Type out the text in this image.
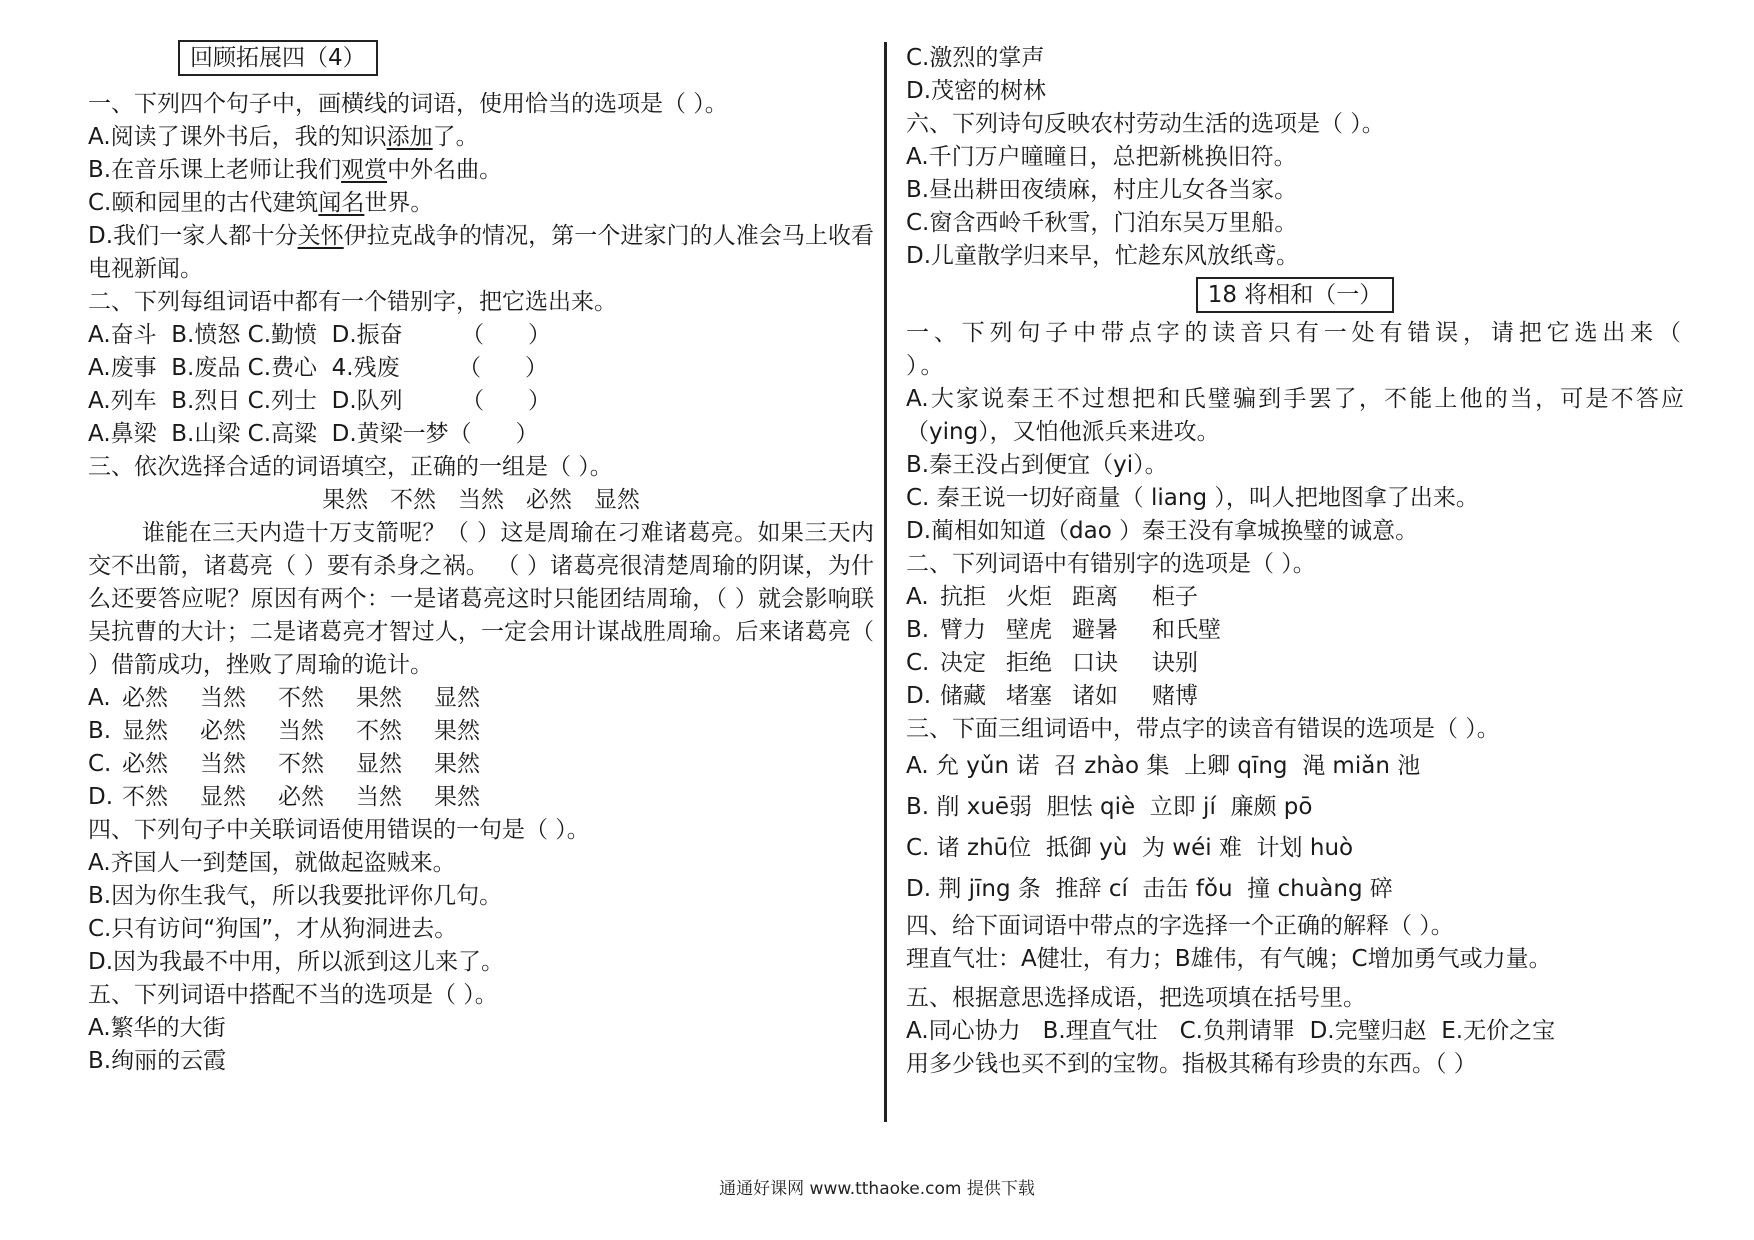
回顾拓展四（4）
一、下列四个句子中，画横线的词语，使用恰当的选项是（ ）。
A.阅读了课外书后，我的知识添加了。
B.在音乐课上老师让我们观赏中外名曲。
C.颐和园里的古代建筑闻名世界。
D.我们一家人都十分关怀伊拉克战争的情况，第一个进家门的人准会马上收看电视新闻。
二、下列每组词语中都有一个错别字，把它选出来。
A.奋斗  B.愤怒 C.勤愤  D.振奋        （      ）
A.废事  B.废品 C.费心  4.残废        （      ）
A.列车  B.烈日 C.列士  D.队列        （      ）
A.鼻梁  B.山梁 C.高粱  D.黄梁一梦（      ）
三、依次选择合适的词语填空，正确的一组是（ ）。
果然   不然   当然   必然   显然
谁能在三天内造十万支箭呢？（ ）这是周瑜在刁难诸葛亮。如果三天内交不出箭，诸葛亮（ ）要有杀身之祸。 （ ）诸葛亮很清楚周瑜的阴谋，为什么还要答应呢？原因有两个：一是诸葛亮这时只能团结周瑜，（ ）就会影响联吴抗曹的大计；二是诸葛亮才智过人，一定会用计谋战胜周瑜。后来诸葛亮（ ）借箭成功，挫败了周瑜的诡计。
A. 必然 当然 不然 果然 显然
B. 显然 必然 当然 不然 果然
C. 必然 当然 不然 显然 果然
D. 不然 显然 必然 当然 果然
四、下列句子中关联词语使用错误的一句是（ ）。
A.齐国人一到楚国，就做起盗贼来。
B.因为你生我气，所以我要批评你几句。
C.只有访问“狗国”，才从狗洞进去。
D.因为我最不中用，所以派到这儿来了。
五、下列词语中搭配不当的选项是（ ）。
A.繁华的大街
B.绚丽的云霞
C.激烈的掌声
D.茂密的树林
六、下列诗句反映农村劳动生活的选项是（ ）。
A.千门万户曈曈日，总把新桃换旧符。
B.昼出耕田夜绩麻，村庄儿女各当家。
C.窗含西岭千秋雪，门泊东吴万里船。
D.儿童散学归来早，忙趁东风放纸鸢。
18 将相和（一）
一、下列句子中带点字的读音只有一处有错误，请把它选出来（ ）。
A.大家说秦王不过想把和氏璧骗到手罢了，不能上他的当，可是不答应（ying），又怕他派兵来进攻。
B.秦王没占到便宜（yi）。
C. 秦王说一切好商量（ liang ），叫人把地图拿了出来。
D.蔺相如知道（dao ）秦王没有拿城换璧的诚意。
二、下列词语中有错别字的选项是（ ）。
A. 抗拒 火炬 距离 柜子
B. 臂力 壁虎 避暑 和氏壁
C. 决定 拒绝 口诀 诀别
D. 储藏 堵塞 诸如 赌博
三、下面三组词语中，带点字的读音有错误的选项是（ ）。
A. 允 yǔn 诺  召 zhào 集  上卿 qīng  渑 miǎn 池
B. 削 xuē弱  胆怯 qiè  立即 jí  廉颇 pō
C. 诸 zhū位  抵御 yù  为 wéi 难  计划 huò
D. 荆 jīng 条  推辞 cí  击缶 fǒu  撞 chuàng 碎
四、给下面词语中带点的字选择一个正确的解释（ ）。
理直气壮：A健壮，有力；B雄伟，有气魄；C增加勇气或力量。
五、根据意思选择成语，把选项填在括号里。
A.同心协力   B.理直气壮   C.负荆请罪  D.完璧归赵  E.无价之宝
用多少钱也买不到的宝物。指极其稀有珍贵的东西。（ ）
通通好课网 www.tthaoke.com 提供下载
